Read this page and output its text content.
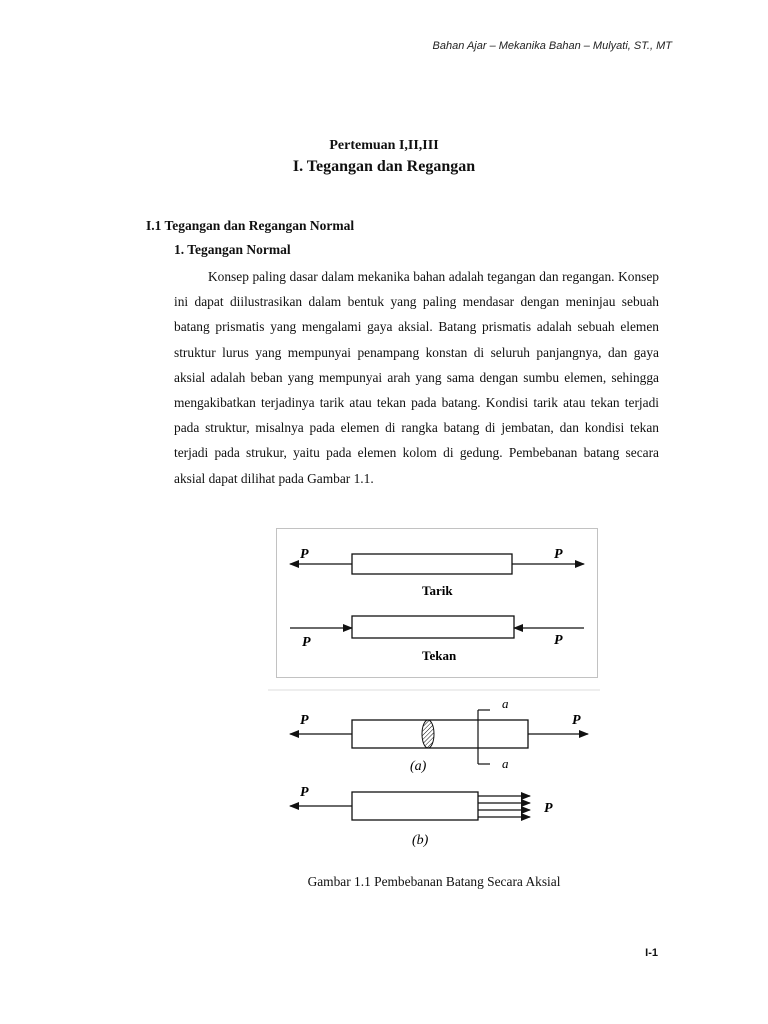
Bahan Ajar – Mekanika Bahan – Mulyati, ST., MT
Pertemuan I,II,III
I. Tegangan dan Regangan
I.1 Tegangan dan Regangan Normal
1. Tegangan Normal

Konsep paling dasar dalam mekanika bahan adalah tegangan dan regangan. Konsep ini dapat diilustrasikan dalam bentuk yang paling mendasar dengan meninjau sebuah batang prismatis yang mengalami gaya aksial. Batang prismatis adalah sebuah elemen struktur lurus yang mempunyai penampang konstan di seluruh panjangnya, dan gaya aksial adalah beban yang mempunyai arah yang sama dengan sumbu elemen, sehingga mengakibatkan terjadinya tarik atau tekan pada batang. Kondisi tarik atau tekan terjadi pada struktur, misalnya pada elemen di rangka batang di jembatan, dan kondisi tekan terjadi pada strukur, yaitu pada elemen kolom di gedung. Pembebanan batang secara aksial dapat dilihat pada Gambar 1.1.

P	P
Tarik
P	P
Tekan
a
a
P	P
(a)
P
P
(b)
Gambar 1.1 Pembebanan Batang Secara Aksial
I-1
